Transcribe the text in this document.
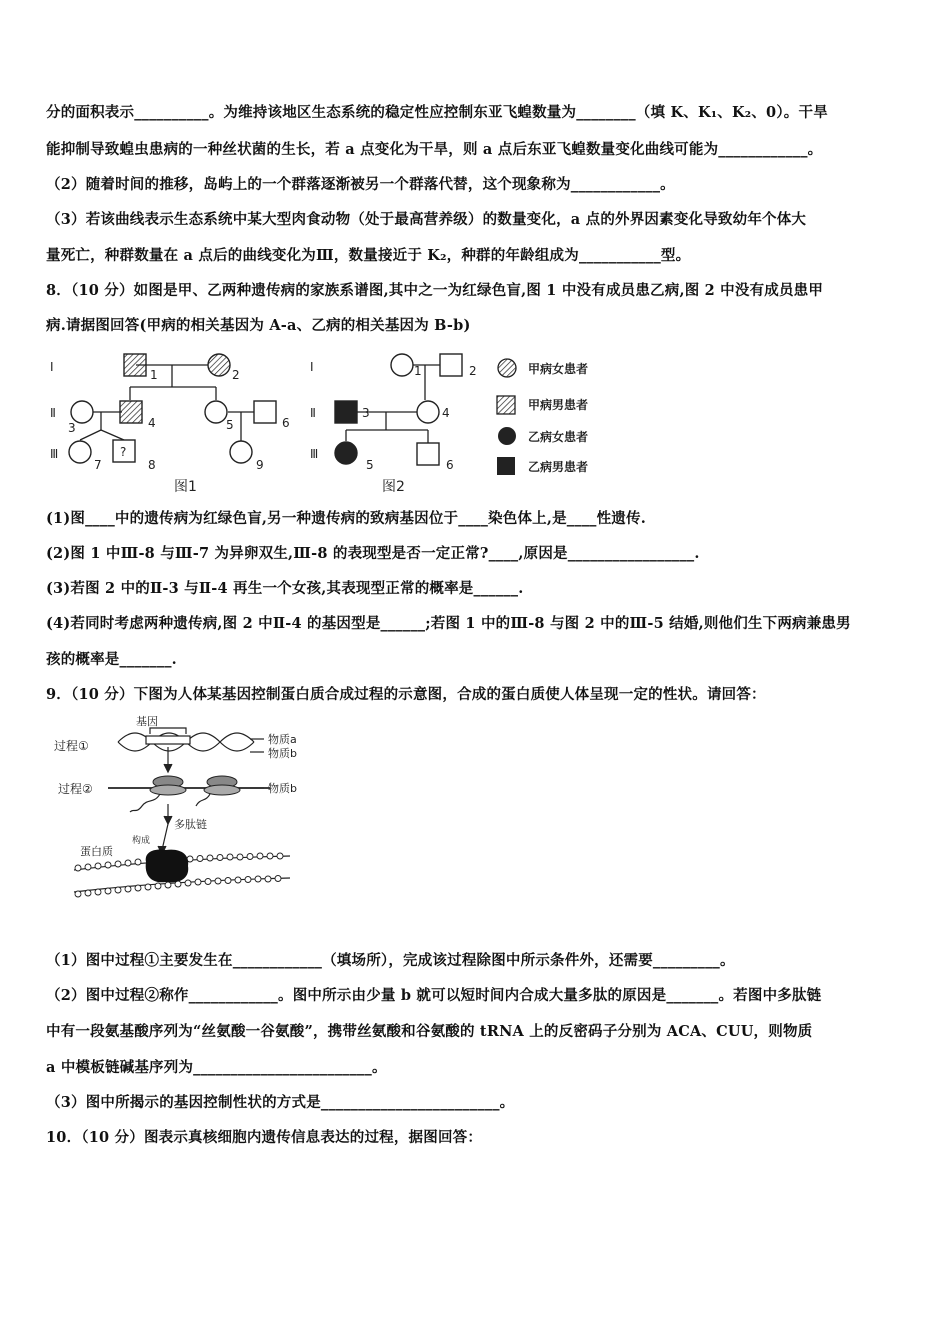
分的面积表示__________。为维持该地区生态系统的稳定性应控制东亚飞蝗数量为________（填 K、K₁、K₂、0）。干旱
能抑制导致蝗虫患病的一种丝状菌的生长，若 a 点变化为干旱，则 a 点后东亚飞蝗数量变化曲线可能为____________。
（2）随着时间的推移，岛屿上的一个群落逐渐被另一个群落代替，这个现象称为____________。
（3）若该曲线表示生态系统中某大型肉食动物（处于最高营养级）的数量变化，a 点的外界因素变化导致幼年个体大
量死亡，种群数量在 a 点后的曲线变化为Ⅲ，数量接近于 K₂，种群的年龄组成为___________型。
8．（10 分）如图是甲、乙两种遗传病的家族系谱图,其中之一为红绿色盲,图 1 中没有成员患乙病,图 2 中没有成员患甲
病.请据图回答(甲病的相关基因为 A-a、乙病的相关基因为 B-b)
Ⅰ
Ⅱ
Ⅲ
Ⅰ
Ⅱ
Ⅲ
1	2
3	4	5	6
7	8	9
?
1	2
3	4
5	6
图1	图2
甲病女患者
甲病男患者
乙病女患者
乙病男患者
(1)图____中的遗传病为红绿色盲,另一种遗传病的致病基因位于____染色体上,是____性遗传.
(2)图 1 中Ⅲ-8 与Ⅲ-7 为异卵双生,Ⅲ-8 的表现型是否一定正常?____,原因是_________________.
(3)若图 2 中的Ⅱ-3 与Ⅱ-4 再生一个女孩,其表现型正常的概率是______.
(4)若同时考虑两种遗传病,图 2 中Ⅱ-4 的基因型是______;若图 1 中的Ⅲ-8 与图 2 中的Ⅲ-5 结婚,则他们生下两病兼患男
孩的概率是_______.
9．（10 分）下图为人体某基因控制蛋白质合成过程的示意图，合成的蛋白质使人体呈现一定的性状。请回答：
基因
过程①
过程②
物质a
物质b
物质b
多肽链
构成
蛋白质
（1）图中过程①主要发生在____________（填场所），完成该过程除图中所示条件外，还需要_________。
（2）图中过程②称作____________。图中所示由少量 b 就可以短时间内合成大量多肽的原因是_______。若图中多肽链
中有一段氨基酸序列为“丝氨酸一谷氨酸”，携带丝氨酸和谷氨酸的 tRNA 上的反密码子分别为 ACA、CUU，则物质
a 中模板链碱基序列为________________________。
（3）图中所揭示的基因控制性状的方式是________________________。
10．（10 分）图表示真核细胞内遗传信息表达的过程，据图回答：
